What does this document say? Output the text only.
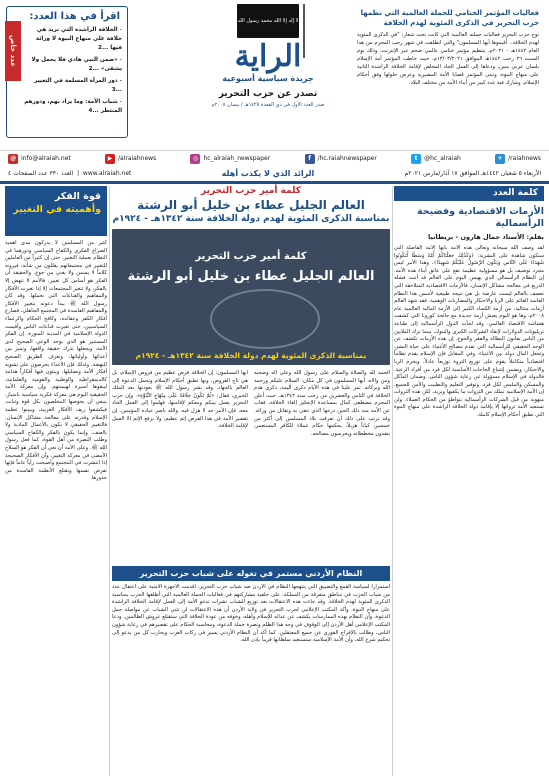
عدد خاص
اقرأ في هذا العدد:
- الخلافة الراشدة التي نريد هي خلافة على منهاج النبوة لا وراثة فيها ...2
- «ضمن النبي هادي فلا يحمل ولا يشقى» ...2
- دور المرأة المسلمة في التغيير ...3
- شباب الأمة: وما يراد بهم، ودورهم المنتظر ...4
لا إله إلا الله محمد رسول الله
الراية
جريدة سياسية أسبوعية
تصدر عن حزب التحرير
صدر العدد الأول في ذي القعدة ١٤٢٥هـ / نيسان ٢٠٠٥م
فعاليات المؤتمر الختامي للحملة العالمية التي نظمها حزب التحرير في الذكرى المئوية لهدم الخلافة
توج حزب التحرير فعاليات حملته العالمية التي كانت تحت شعار: "في الذكرى المئوية لهدم الخلافة.. أقيموها أيها المسلمون" والتي انطلقت في شهر رجب المحرم من هذا العام ١٤٤٢هـ - ٢٠٢١م، بتنظيم مؤتمر ختامي عالمي ضخم عبر الإنترنت، وذلك يوم السبت ٢٦ رجب ١٤٤٢هـ الموافق ١٣/٠٣/٢٠٢١م، حيث خاطب المؤتمر أمة الإسلام بلسان عربي مبين، ودعاها إلى العمل الجاد المخلص لإقامة الخلافة الراشدة الثانية على منهاج النبوة، وتبنى المؤتمر قضايا الأمة المصيرية وعرض حلولها وفق أحكام الإسلام، وشارك فيه عدد كبير من أبناء الأمة من مختلف البلاد.
@ info@alraiah.net	▶ /alraiahnews	◎ hc_alraiah_newspaper	f	/hc.raiahnewspaper	t	@hc_alraiah	✈ /raiahnews
الأربعاء ٥ شعبان ١٤٤٢هـ الموافق ١٧ آذار/مارس ٢٠٢١م
الرائد الذي لا يكذب أهله
العدد ٣٣٠ عدد الصفحات ٤  |  www.alraiah.net
كلمة العدد
الأزمات الاقتصادية وفضيحة الرأسمالية
بقلم: الأستاذ جمال هارون - بريطانيا
لقد وصف الله سبحانه وتعالى هذه الأمة بأنها الأمة الفاضلة التي ستكون شاهدة على البشرية: ﴿وَكَذَٰلِكَ جَعَلْنَاكُمْ أُمَّةً وَسَطًا لِّتَكُونُوا شُهَدَاءَ عَلَى النَّاسِ وَيَكُونَ الرَّسُولُ عَلَيْكُمْ شَهِيدًا﴾، وهذا الأمر ليس مجرد توصيف بل هو مسؤولية عظيمة تقع على عاتق أبناء هذه الأمة. إن النظام الرأسمالي الذي يهيمن اليوم على العالم قد أثبت فشله الذريع في معالجة مشاكل الإنسان، فالأزمات الاقتصادية المتلاحقة التي تعصف بالعالم ليست عارضة بل هي نتيجة طبيعية لأسس هذا النظام الفاسد القائم على الربا والاحتكار والمضاربات الوهمية. فقد شهد العالم أزمات متتالية، من أزمة الكساد الكبير إلى الأزمة المالية العالمية عام ٢٠٠٨م، وها هو اليوم يعيش أزمة جديدة مع جائحة كورونا التي كشفت هشاشة الاقتصاد العالمي. وقد لجأت الدول الرأسمالية إلى طباعة تريليونات الدولارات لإنقاذ الشركات الكبرى والبنوك، بينما ترك الملايين من الناس يعانون البطالة والفقر والجوع. إن هذه الأزمات تكشف عن الوجه الحقيقي للرأسمالية التي تقدم مصالح الأغنياء على حياة البشر، وتجعل المال دولة بين الأغنياء. وفي المقابل فإن الإسلام يقدم نظاماً اقتصادياً متكاملاً يقوم على توزيع الثروة توزيعاً عادلاً، ويحرم الربا والاحتكار، ويضمن إشباع الحاجات الأساسية لكل فرد من أفراد الرعية. فالدولة في الإسلام مسؤولة عن رعاية شؤون الناس، وضمان المأكل والمسكن والملبس لكل فرد، وتوفير التعليم والتطبيب والأمن للجميع. إن الأمة الإسلامية تملك من الثروات ما يكفيها ويزيد، لكن هذه الثروات منهوبة من قبل الشركات الرأسمالية بتواطؤ من الحكام العملاء. ولن تستعيد الأمة ثرواتها إلا بإقامة دولة الخلافة الراشدة على منهاج النبوة التي تطبق أحكام الإسلام كاملة.
كلمة أمير حزب التحرير
العالم الجليل عطاء بن خليل أبو الرشتة
بمناسبة الذكرى المئوية لهدم دولة الخلافة سنة ١٣٤٢هـ - ١٩٢٤م
كلمة أمير حزب التحرير
العالم الجليل عطاء بن خليل أبو الرشتة
بمناسبة الذكرى المئوية لهدم دولة الخلافة سنة ١٣٤٢هـ - ١٩٢٤م
الحمد لله والصلاة والسلام على رسول الله وعلى آله وصحبه ومن والاه، أيها المسلمون في كل مكان: السلام عليكم ورحمة الله وبركاته. تمر علينا في هذه الأيام ذكرى أليمة، ذكرى هدم الخلافة في الثامن والعشرين من رجب سنة ١٣٤٢هـ، حيث أعلن المجرم مصطفى كمال بمساعدة الإنجليز إلغاء الخلافة، فغاب عن الأمة منذ ذلك الحين درعها الذي تتقي به وتقاتل من ورائه. وقد ترتب على ذلك أن تفرقت بلاد المسلمين إلى أكثر من خمسين كياناً هزيلاً، يحكمها حكام عملاء للكافر المستعمر، ينفذون مخططاته ويحرسون مصالحه.
أيها المسلمون: إن الخلافة فرض عظيم من فروض الإسلام، بل هي تاج الفروض، وبها تطبق أحكام الإسلام وتحمل الدعوة إلى العالم بالجهاد. وقد بشر رسول الله ﷺ بعودتها بعد الملك الجبري، فقال: «ثُمَّ تَكُونُ خِلَافَةً عَلَى مِنْهَاجِ النُّبُوَّةِ». وإن حزب التحرير يعمل بينكم ومعكم لإقامتها، فهلموا إلى العمل الجاد معه، فإن الأمر جد لا هزل فيه، والله ناصر عباده المؤمنين. إن تقصير الأمة في هذا الفرض إثم عظيم، ولا يرفع الإثم إلا العمل لإقامة الخلافة.
النظام الأردني مستمر في تغوله على شباب حزب التحرير
استمراراً لسياسة القمع والتضييق التي ينتهجها النظام في الأردن ضد شباب حزب التحرير، أقدمت الأجهزة الأمنية على اعتقال عدد من شباب الحزب في مناطق متفرقة من المملكة، على خلفية مشاركتهم في فعاليات الحملة العالمية التي أطلقها الحزب بمناسبة الذكرى المئوية لهدم الخلافة. وقد جاءت هذه الاعتقالات بعد توزيع الشباب نشرات تدعو الأمة إلى العمل لإقامة الخلافة الراشدة على منهاج النبوة. وأكد المكتب الإعلامي لحزب التحرير في ولاية الأردن أن هذه الاعتقالات لن تثني الشباب عن مواصلة حمل الدعوة، وأن النظام بهذه الممارسات يكشف عن عدائه للإسلام وأهله، وخوفه من عودة الخلافة التي ستقتلع عروش الظالمين. ودعا المكتب الإعلامي أهل الأردن إلى الوقوف في وجه هذا الظلم ونصرة حملة الدعوة، ومحاسبة الحكام على تقصيرهم في رعاية شؤون الناس، وطالب بالإفراج الفوري عن جميع المعتقلين. كما أكد أن النظام الأردني يسير في ركاب الغرب ويحارب كل من يدعو إلى تحكيم شرع الله، وأن الأمة الإسلامية ستستعيد سلطانها قريباً بإذن الله.
قوة الفكر
وأهميته في التغيير
كثير من المسلمين لا يدركون مدى أهمية الصراع الفكري والكفاح السياسي ودورهما في النظام بعملية التغيير، حتى إن كثيراً من العاملين للتغيير في مجتمعاتهم يقللون من شأنه، فيرونه كلاماً لا يسمن ولا يغني من جوع. والحقيقة أن الفكر هو أساس كل تغيير، فالأمم لا تنهض إلا بالفكر، ولا تتغير المجتمعات إلا إذا تغيرت الأفكار والمفاهيم والقناعات التي تحملها. وقد كان رسول الله ﷺ يبدأ دعوته بتغيير الأفكار والمفاهيم الفاسدة في المجتمع الجاهلي، فصارع أفكار الكفر وعقائده، وكافح الحكام والزعماء السياسيين، حتى تغيرت قناعات الناس وأقيمت الدولة الإسلامية في المدينة المنورة. إن الفكر المستنير هو الذي يوجد الوعي الصحيح لدى الأمة، ويجعلها تدرك حقيقة واقعها، وتميز بين أعدائها وأوليائها، وتعرف الطريق الصحيح للنهضة. ولذلك فإن الأعداء يحرصون على تشويه أفكار الأمة وتضليلها، ويبثون فيها أفكاراً هدامة كالديمقراطية والوطنية والقومية والعلمانية، ليبقوها أسيرة لهيمنتهم. وإن معركة الأمة الحقيقية اليوم هي معركة فكرية سياسية بامتياز، ينبغي أن يخوضها المخلصون بكل قوة وثبات، فيكشفوا زيف الأفكار الغربية، ويبينوا عظمة الإسلام وقدرته على معالجة مشاكل الإنسان. فالتغيير الحقيقي لا يكون بالأعمال المادية ولا بالعنف، وإنما يكون بالفكر والكفاح السياسي وطلب النصرة من أهل القوة، كما فعل رسول الله ﷺ. وعلى الأمة أن تعي أن الفكر هو السلاح الأمضى في معركة التغيير، وأن الأفكار الصحيحة إذا انتشرت في المجتمع وأصبحت رأياً عاماً فإنها تفرض نفسها وتقتلع الأنظمة الفاسدة من جذورها.
